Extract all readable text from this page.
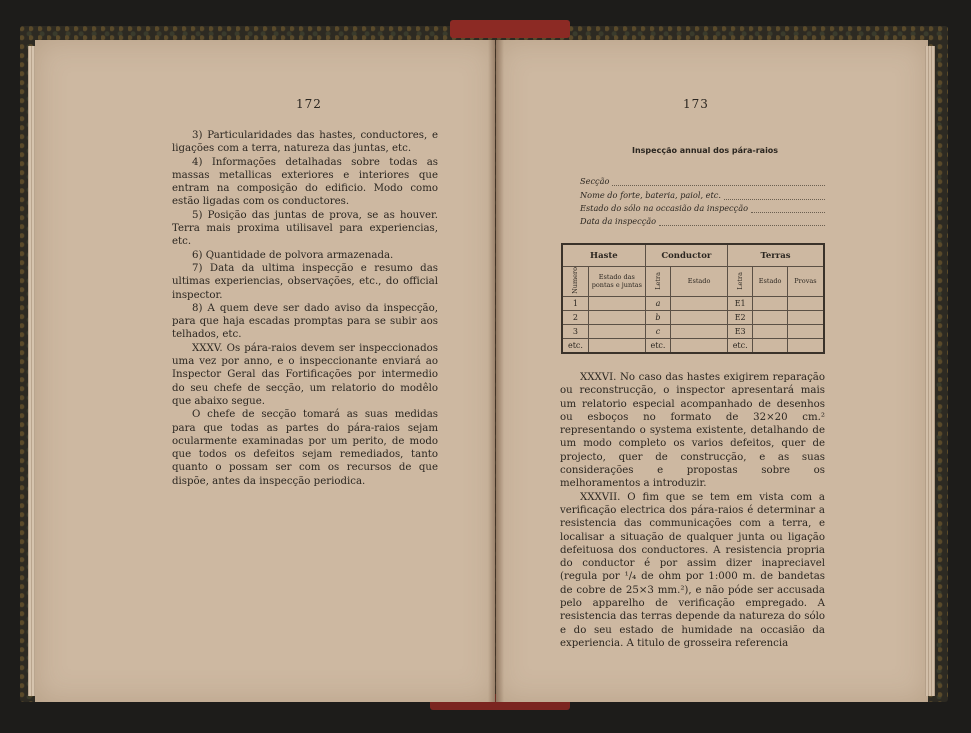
172

3) Particularidades das hastes, conductores, e ligações com a terra, natureza das juntas, etc.

4) Informações detalhadas sobre todas as massas metallicas exteriores e interiores que entram na composição do edificio. Modo como estão ligadas com os conductores.

5) Posição das juntas de prova, se as houver. Terra mais proxima utilisavel para experiencias, etc.

6) Quantidade de polvora armazenada.

7) Data da ultima inspecção e resumo das ultimas experiencias, observações, etc., do official inspector.

8) A quem deve ser dado aviso da inspecção, para que haja escadas promptas para se subir aos telhados, etc.

XXXV. Os pára-raios devem ser inspeccionados uma vez por anno, e o inspeccionante enviará ao Inspector Geral das Fortificações por intermedio do seu chefe de secção, um relatorio do modêlo que abaixo segue.

O chefe de secção tomará as suas medidas para que todas as partes do pára-raios sejam ocularmente examinadas por um perito, de modo que todos os defeitos sejam remediados, tanto quanto o possam ser com os recursos de que dispõe, antes da inspecção periodica.

173
Inspecção annual dos pára-raios
Secção
Nome do forte, bateria, paiol, etc.
Estado do sólo na occasião da inspecção
Data da inspecção
Haste		Conductor		Terras		
Numero	Estado das pontas e juntas	Letra	Estado	Letra	Estado	Provas
1		a		E1		
2		b		E2		
3		c		E3		
etc.		etc.		etc.		

XXXVI. No caso das hastes exigirem reparação ou reconstrucção, o inspector apresentará mais um relatorio especial acompanhado de desenhos ou esboços no formato de 32×20 cm.² representando o systema existente, detalhando de um modo completo os varios defeitos, quer de projecto, quer de construcção, e as suas considerações e propostas sobre os melhoramentos a introduzir.

XXXVII. O fim que se tem em vista com a verificação electrica dos pára-raios é determinar a resistencia das communicações com a terra, e localisar a situação de qualquer junta ou ligação defeituosa dos conductores. A resistencia propria do conductor é por assim dizer inapreciavel (regula por ¹/₄ de ohm por 1:000 m. de bandetas de cobre de 25×3 mm.²), e não póde ser accusada pelo apparelho de verificação empregado. A resistencia das terras depende da natureza do sólo e do seu estado de humidade na occasião da experiencia. A titulo de grosseira referencia
